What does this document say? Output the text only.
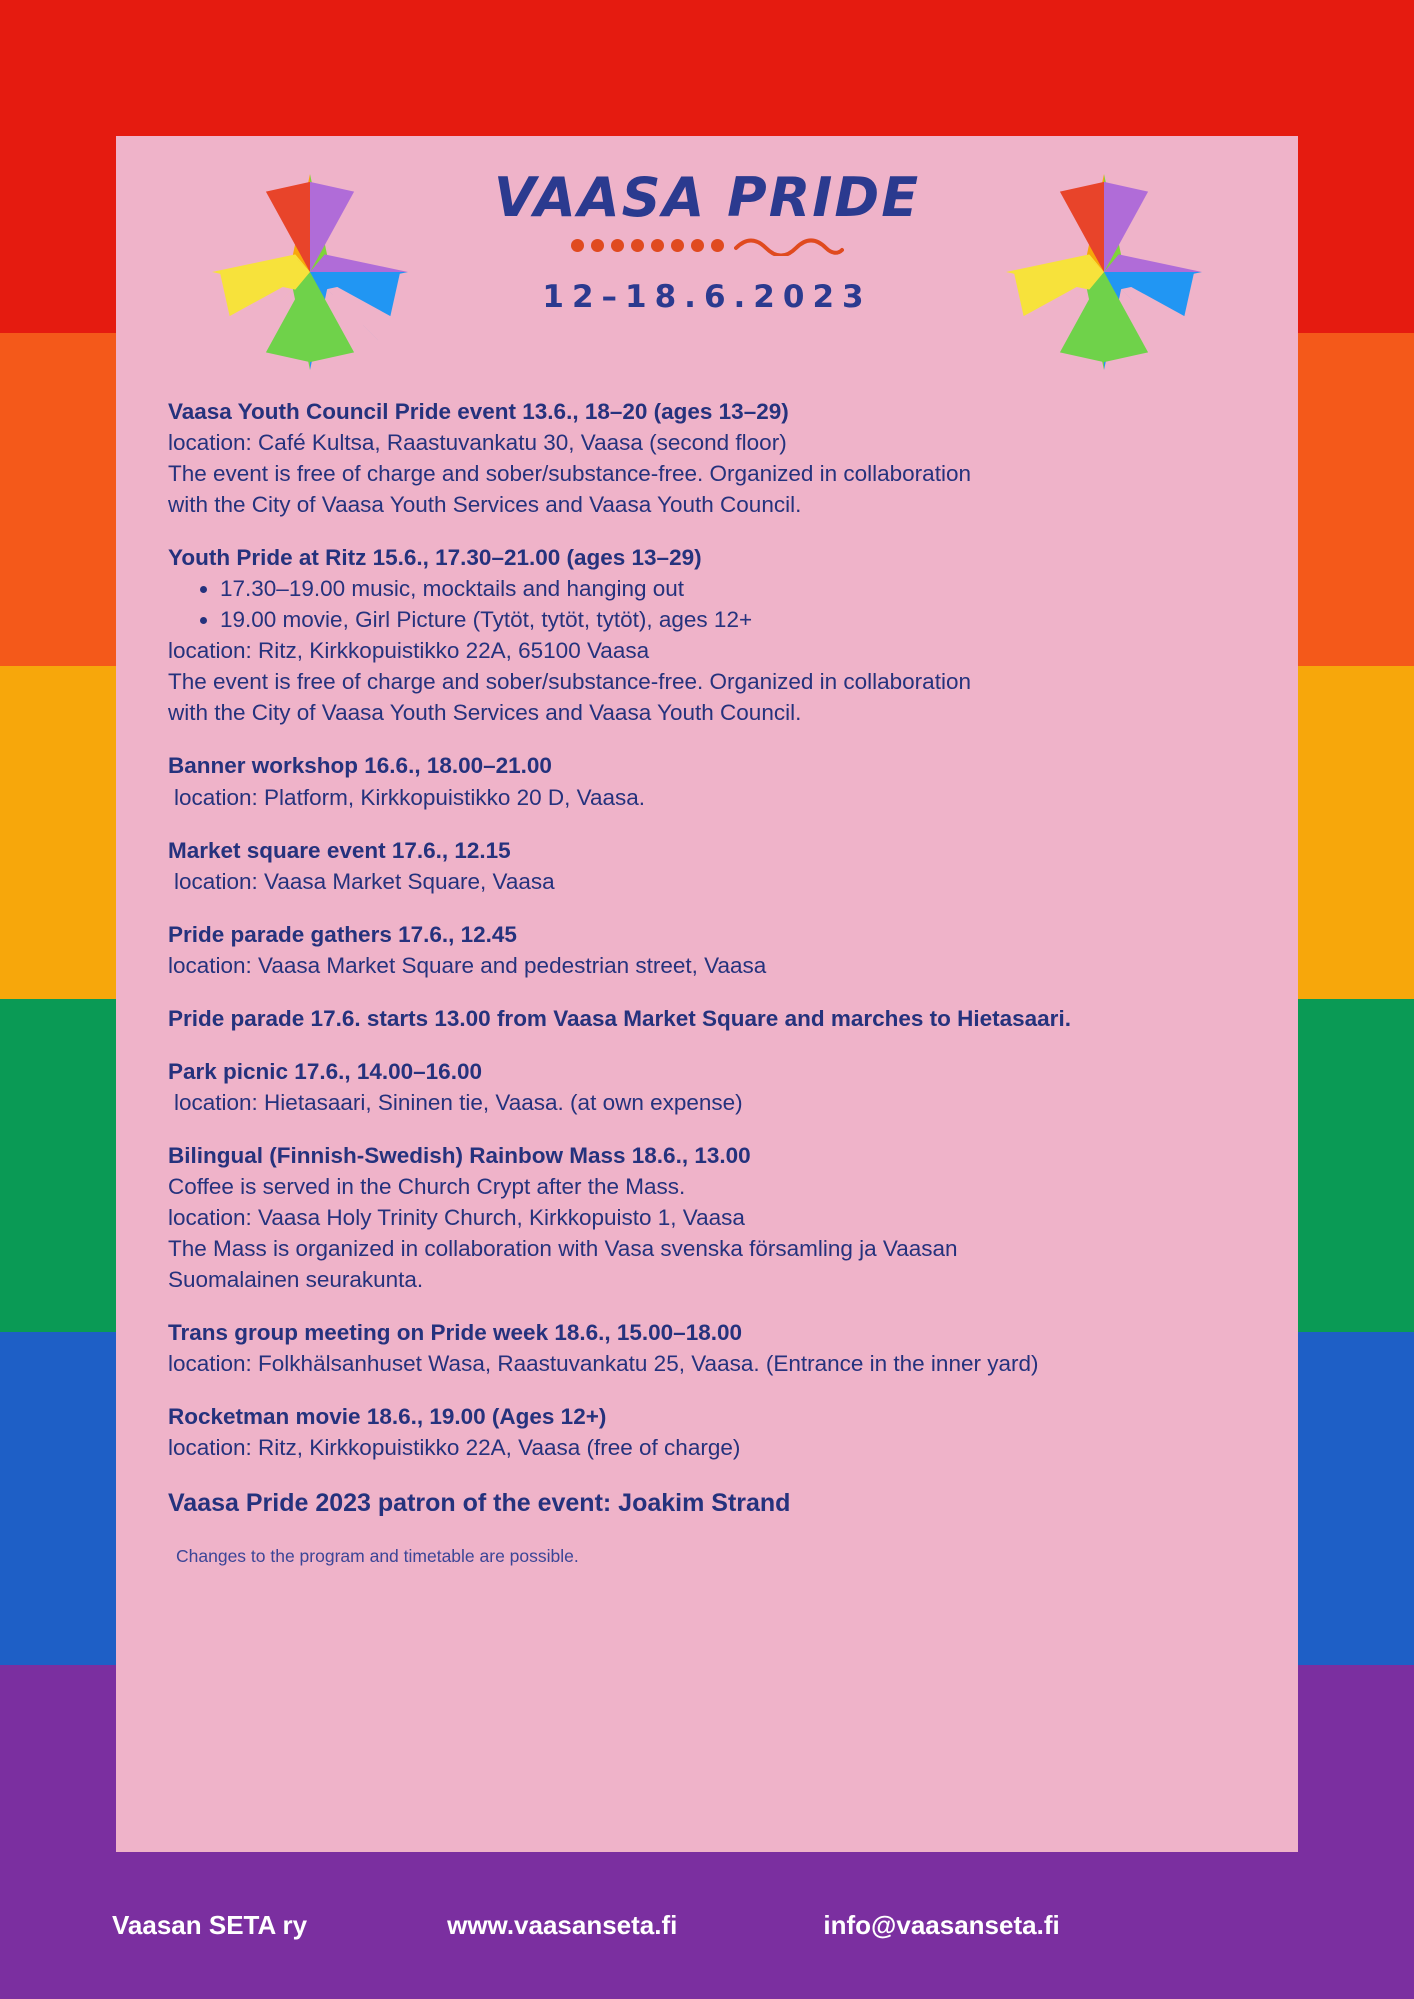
VAASA PRIDE
12–18.6.2023

Vaasa Youth Council Pride event 13.6., 18–20 (ages 13–29)

location: Café Kultsa, Raastuvankatu 30, Vaasa (second floor)

The event is free of charge and sober/substance-free. Organized in collaboration

with the City of Vaasa Youth Services and Vaasa Youth Council.

Youth Pride at Ritz 15.6., 17.30–21.00 (ages 13–29)

• 17.30–19.00 music, mocktails and hanging out
• 19.00 movie, Girl Picture (Tytöt, tytöt, tytöt), ages 12+

location: Ritz, Kirkkopuistikko 22A, 65100 Vaasa

The event is free of charge and sober/substance-free. Organized in collaboration

with the City of Vaasa Youth Services and Vaasa Youth Council.

Banner workshop 16.6., 18.00–21.00

location: Platform, Kirkkopuistikko 20 D, Vaasa.

Market square event 17.6., 12.15

location: Vaasa Market Square, Vaasa

Pride parade gathers 17.6., 12.45

location: Vaasa Market Square and pedestrian street, Vaasa

Pride parade 17.6. starts 13.00 from Vaasa Market Square and marches to Hietasaari.

Park picnic 17.6., 14.00–16.00

location: Hietasaari, Sininen tie, Vaasa. (at own expense)

Bilingual (Finnish-Swedish) Rainbow Mass 18.6., 13.00

Coffee is served in the Church Crypt after the Mass.

location: Vaasa Holy Trinity Church, Kirkkopuisto 1, Vaasa

The Mass is organized in collaboration with Vasa svenska församling ja Vaasan

Suomalainen seurakunta.

Trans group meeting on Pride week 18.6., 15.00–18.00

location: Folkhälsanhuset Wasa, Raastuvankatu 25, Vaasa. (Entrance in the inner yard)

Rocketman movie 18.6., 19.00 (Ages 12+)

location: Ritz, Kirkkopuistikko 22A, Vaasa (free of charge)

Vaasa Pride 2023 patron of the event: Joakim Strand

Changes to the program and timetable are possible.

Vaasan SETA ry	www.vaasanseta.fi	info@vaasanseta.fi
